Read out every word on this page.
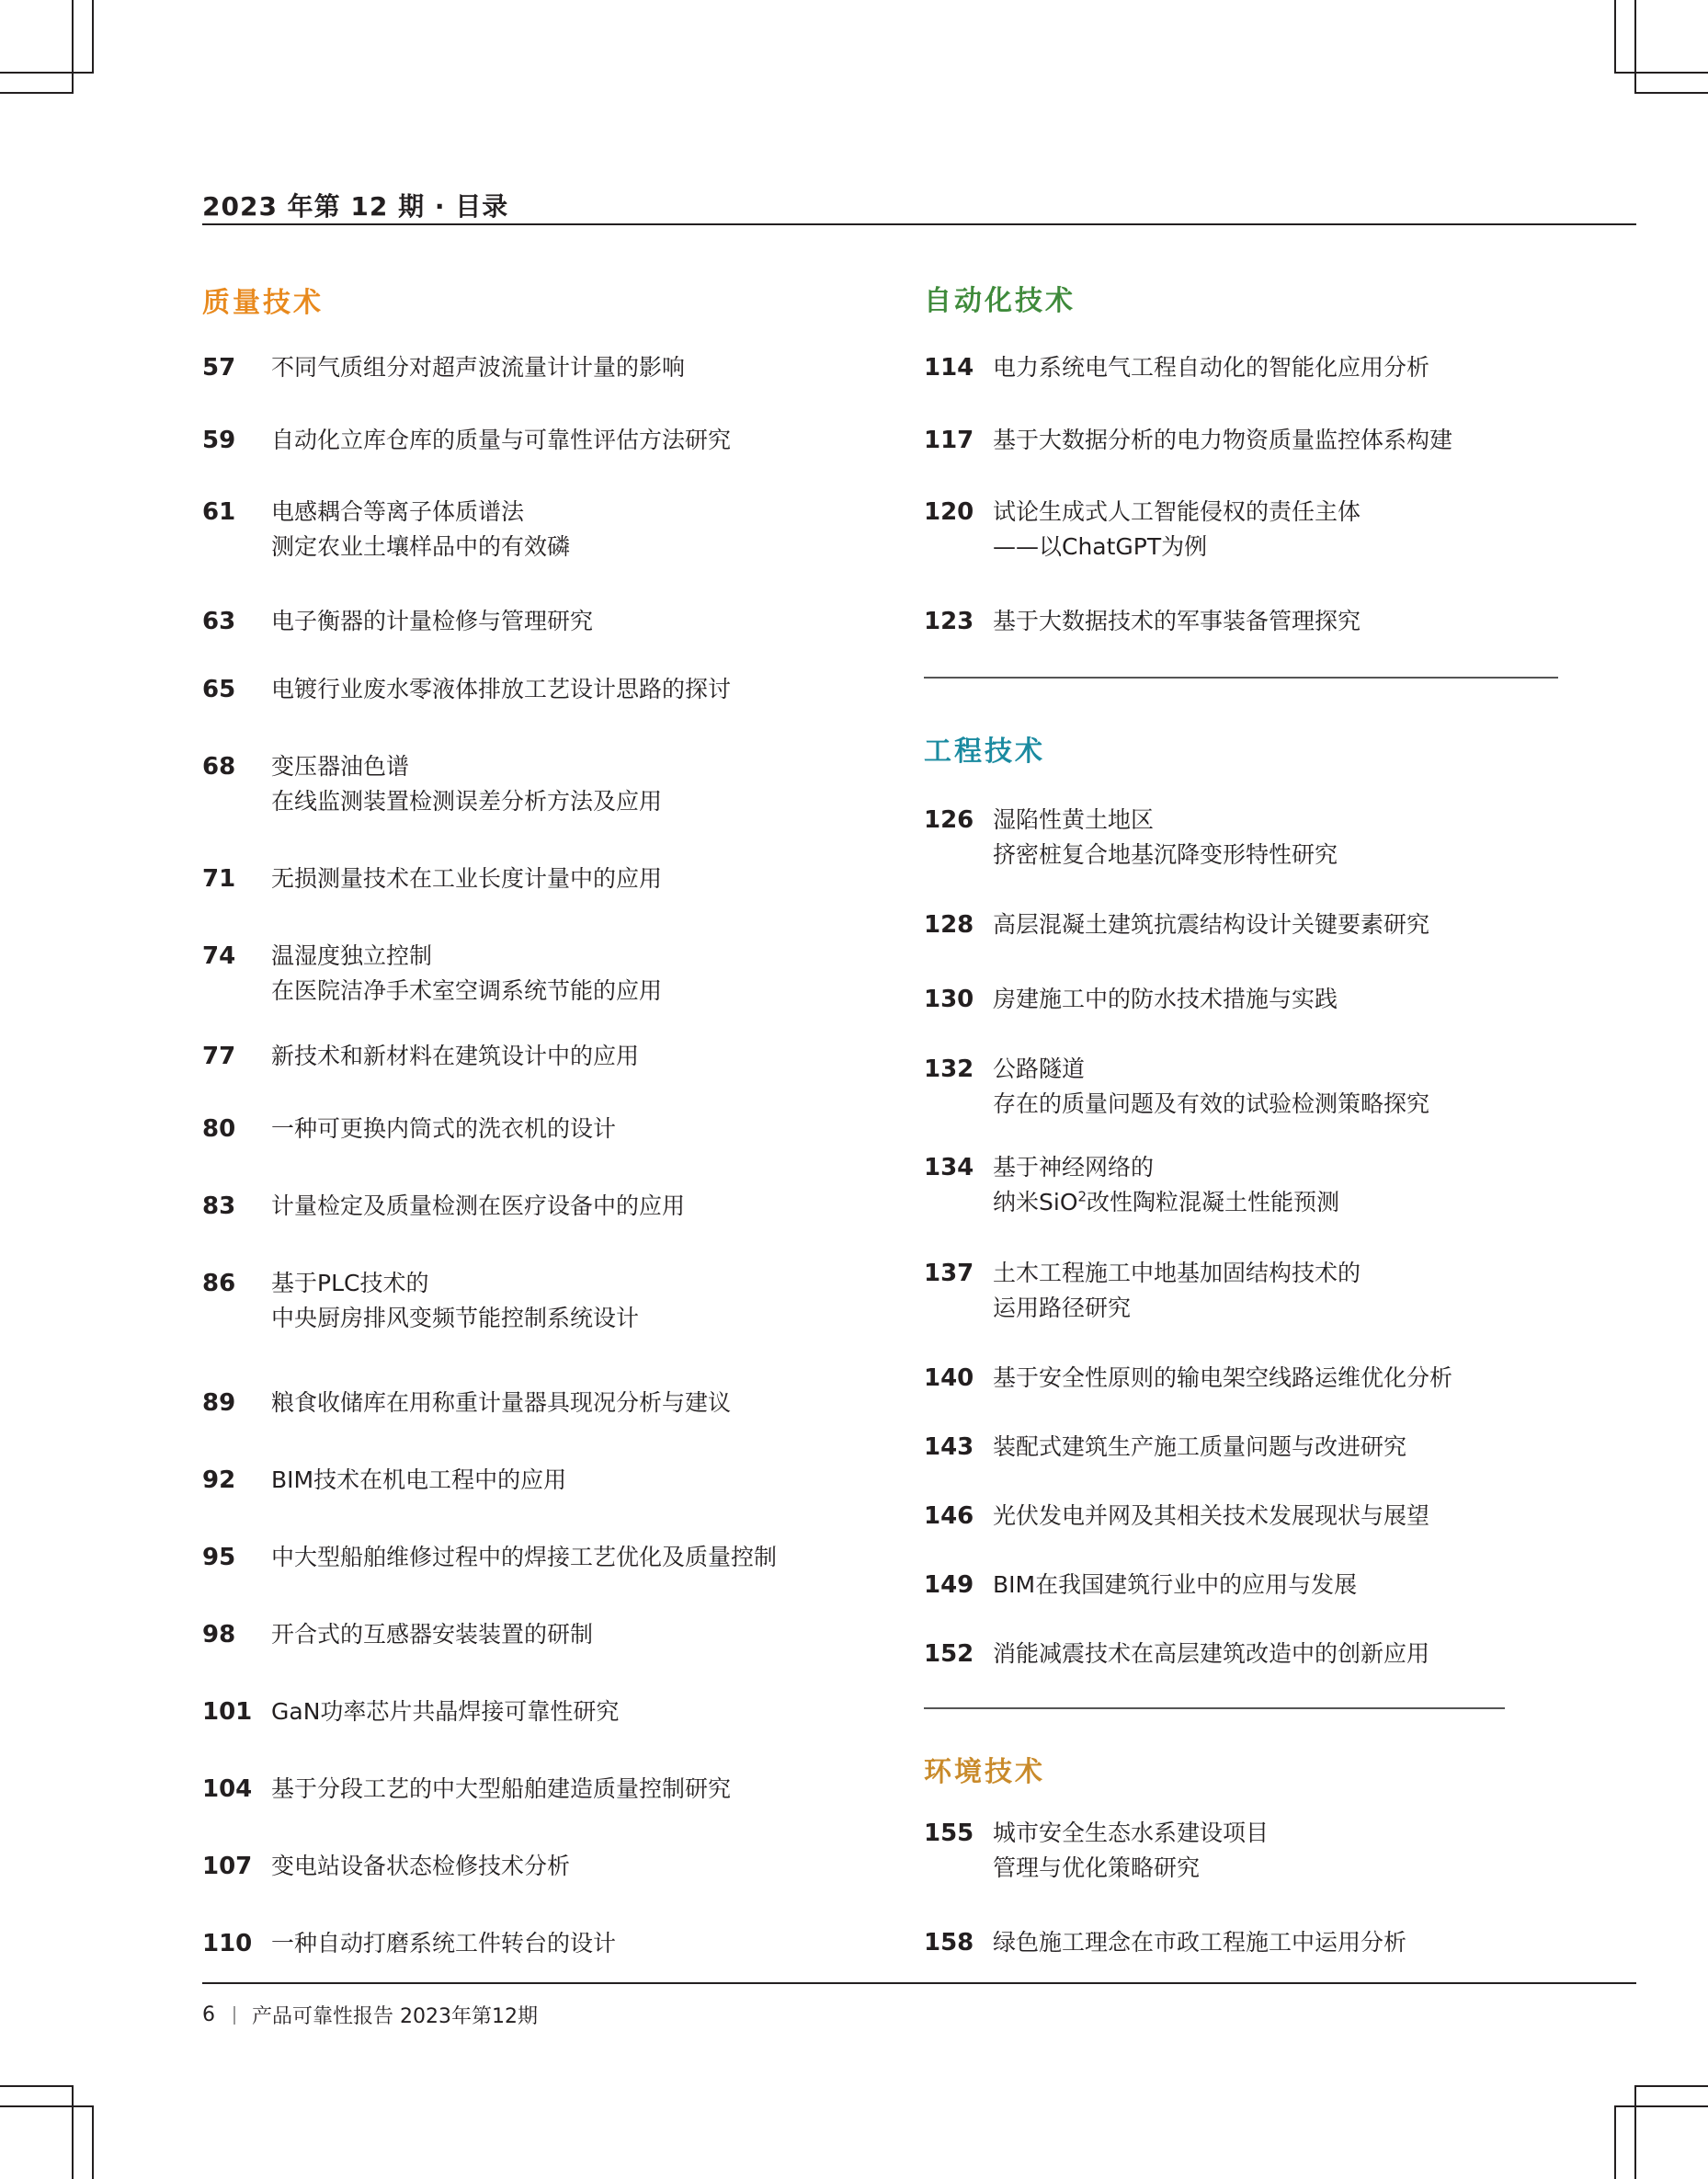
2023 年第 12 期 · 目录
质量技术	自动化技术
工程技术
环境技术
57	不同气质组分对超声波流量计计量的影响
59	自动化立库仓库的质量与可靠性评估方法研究
61	电感耦合等离子体质谱法
测定农业土壤样品中的有效磷
63	电子衡器的计量检修与管理研究
65	电镀行业废水零液体排放工艺设计思路的探讨
68	变压器油色谱
在线监测装置检测误差分析方法及应用
71	无损测量技术在工业长度计量中的应用
74	温湿度独立控制
在医院洁净手术室空调系统节能的应用
77	新技术和新材料在建筑设计中的应用
80	一种可更换内筒式的洗衣机的设计
83	计量检定及质量检测在医疗设备中的应用
86	基于PLC技术的
中央厨房排风变频节能控制系统设计
89	粮食收储库在用称重计量器具现况分析与建议
92	BIM技术在机电工程中的应用
95	中大型船舶维修过程中的焊接工艺优化及质量控制
98	开合式的互感器安装装置的研制
101 GaN功率芯片共晶焊接可靠性研究
104 基于分段工艺的中大型船舶建造质量控制研究
107 变电站设备状态检修技术分析
110 一种自动打磨系统工件转台的设计
114 电力系统电气工程自动化的智能化应用分析
117 基于大数据分析的电力物资质量监控体系构建
120 试论生成式人工智能侵权的责任主体
——以ChatGPT为例
123 基于大数据技术的军事装备管理探究
126 湿陷性黄土地区
挤密桩复合地基沉降变形特性研究
128 高层混凝土建筑抗震结构设计关键要素研究
130 房建施工中的防水技术措施与实践
132 公路隧道
存在的质量问题及有效的试验检测策略探究
134 基于神经网络的
纳米SiO$^2$改性陶粒混凝土性能预测
137 土木工程施工中地基加固结构技术的
运用路径研究
140 基于安全性原则的输电架空线路运维优化分析
143 装配式建筑生产施工质量问题与改进研究
146 光伏发电并网及其相关技术发展现状与展望
149 BIM在我国建筑行业中的应用与发展
152 消能减震技术在高层建筑改造中的创新应用
155 城市安全生态水系建设项目
管理与优化策略研究
158 绿色施工理念在市政工程施工中运用分析
6 产品可靠性报告 2023年第12期
